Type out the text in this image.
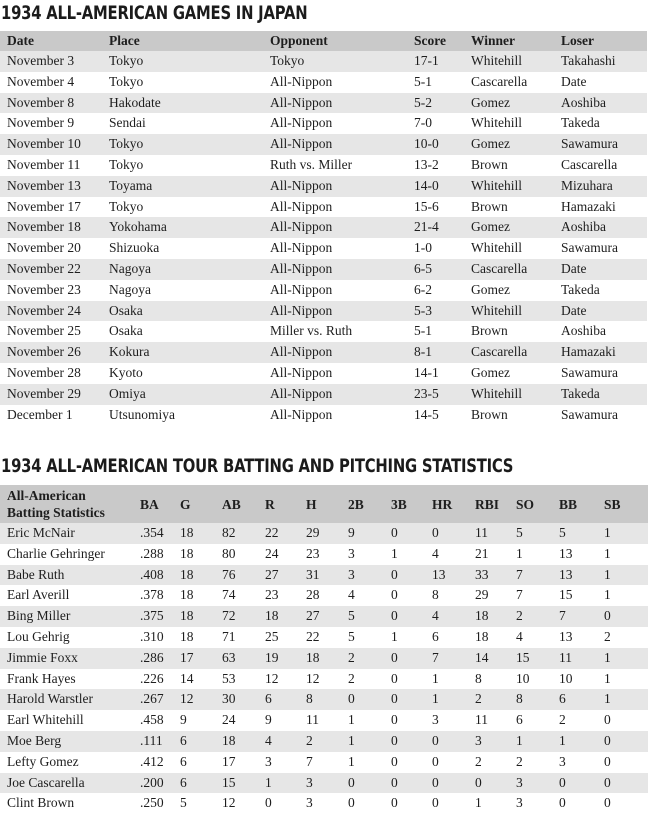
1934 ALL-AMERICAN GAMES IN JAPAN
Date	Place	Opponent	Score	Winner	Loser
November 3	Tokyo	Tokyo	17-1	Whitehill	Takahashi
November 4	Tokyo	All-Nippon	5-1	Cascarella	Date
November 8	Hakodate	All-Nippon	5-2	Gomez	Aoshiba
November 9	Sendai	All-Nippon	7-0	Whitehill	Takeda
November 10	Tokyo	All-Nippon	10-0	Gomez	Sawamura
November 11	Tokyo	Ruth vs. Miller	13-2	Brown	Cascarella
November 13	Toyama	All-Nippon	14-0	Whitehill	Mizuhara
November 17	Tokyo	All-Nippon	15-6	Brown	Hamazaki
November 18	Yokohama	All-Nippon	21-4	Gomez	Aoshiba
November 20	Shizuoka	All-Nippon	1-0	Whitehill	Sawamura
November 22	Nagoya	All-Nippon	6-5	Cascarella	Date
November 23	Nagoya	All-Nippon	6-2	Gomez	Takeda
November 24	Osaka	All-Nippon	5-3	Whitehill	Date
November 25	Osaka	Miller vs. Ruth	5-1	Brown	Aoshiba
November 26	Kokura	All-Nippon	8-1	Cascarella	Hamazaki
November 28	Kyoto	All-Nippon	14-1	Gomez	Sawamura
November 29	Omiya	All-Nippon	23-5	Whitehill	Takeda
December 1	Utsunomiya	All-Nippon	14-5	Brown	Sawamura
1934 ALL-AMERICAN TOUR BATTING AND PITCHING STATISTICS
All-American
Batting Statistics	BA	G	AB	R	H	2B	3B	HR	RBI	SO	BB	SB
Eric McNair	.354	18	82	22	29	9	0	0	11	5	5	1
Charlie Gehringer	.288	18	80	24	23	3	1	4	21	1	13	1
Babe Ruth	.408	18	76	27	31	3	0	13	33	7	13	1
Earl Averill	.378	18	74	23	28	4	0	8	29	7	15	1
Bing Miller	.375	18	72	18	27	5	0	4	18	2	7	0
Lou Gehrig	.310	18	71	25	22	5	1	6	18	4	13	2
Jimmie Foxx	.286	17	63	19	18	2	0	7	14	15	11	1
Frank Hayes	.226	14	53	12	12	2	0	1	8	10	10	1
Harold Warstler	.267	12	30	6	8	0	0	1	2	8	6	1
Earl Whitehill	.458	9	24	9	11	1	0	3	11	6	2	0
Moe Berg	.111	6	18	4	2	1	0	0	3	1	1	0
Lefty Gomez	.412	6	17	3	7	1	0	0	2	2	3	0
Joe Cascarella	.200	6	15	1	3	0	0	0	0	3	0	0
Clint Brown	.250	5	12	0	3	0	0	0	1	3	0	0
